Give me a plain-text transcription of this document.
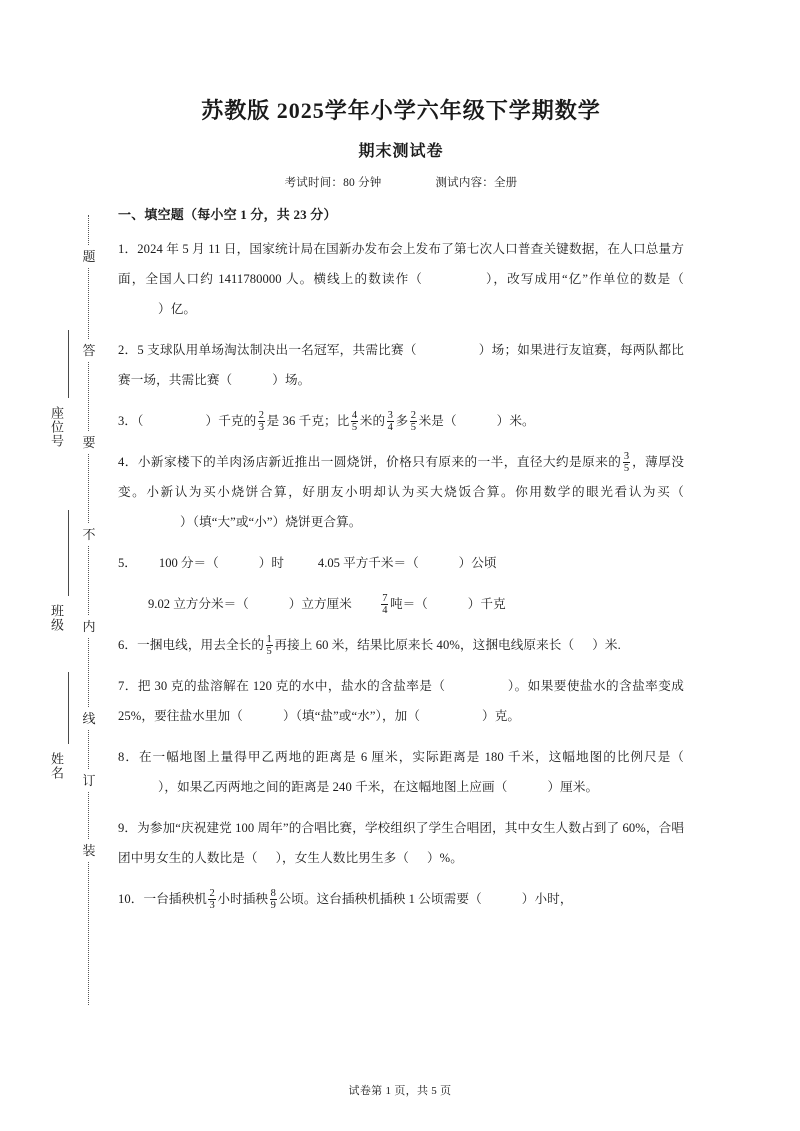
题
答
要
不
内
线
订
装
座位号
班级
姓名
苏教版 2025学年小学六年级下学期数学
期末测试卷
考试时间：80 分钟	测试内容：全册
一、填空题（每小空 1 分，共 23 分）

1．2024 年 5 月 11 日，国家统计局在国新办发布会上发布了第七次人口普查关键数据，在人口总量方面，全国人口约 1411780000 人。横线上的数读作（	），改写成用“亿”作单位的数是（）亿。

2．5 支球队用单场淘汰制决出一名冠军，共需比赛（	）场；如果进行友谊赛，每两队都比赛一场，共需比赛（	）场。

3．（	）千克的 $\frac{2}{3}$ 是 36 千克；比 $\frac{4}{5}$ 米的 $\frac{3}{4}$ 多 $\frac{2}{5}$ 米是（	）米。

4．小新家楼下的羊肉汤店新近推出一圆烧饼，价格只有原来的一半，直径大约是原来的 $\frac{3}{5}$ ，薄厚没变。小新认为买小烧饼合算，好朋友小明却认为买大烧饭合算。你用数学的眼光看认为买（）（填“大”或“小”）烧饼更合算。

5． 100 分＝（	）时	4.05 平方千米＝（	）公顷
9.02 立方分米＝（	）立方厘米	$\frac{7}{4}$ 吨＝（	）千克

6．一捆电线，用去全长的 $\frac{1}{5}$ 再接上 60 米，结果比原来长 40%，这捆电线原来长（ ）米.

7．把 30 克的盐溶解在 120 克的水中，盐水的含盐率是（	）。如果要使盐水的含盐率变成 25%，要往盐水里加（	）（填“盐”或“水”），加（	）克。

8．在一幅地图上量得甲乙两地的距离是 6 厘米，实际距离是 180 千米，这幅地图的比例尺是（），如果乙丙两地之间的距离是 240 千米，在这幅地图上应画（	）厘米。

9．为参加“庆祝建党 100 周年”的合唱比赛，学校组织了学生合唱团，其中女生人数占到了 60%，合唱团中男女生的人数比是（ ），女生人数比男生多（ ）%。

10．一台插秧机 $\frac{2}{3}$ 小时插秧 $\frac{8}{9}$ 公顷。这台插秧机插秧 1 公顷需要（	）小时，

试卷第 1 页，共 5 页
